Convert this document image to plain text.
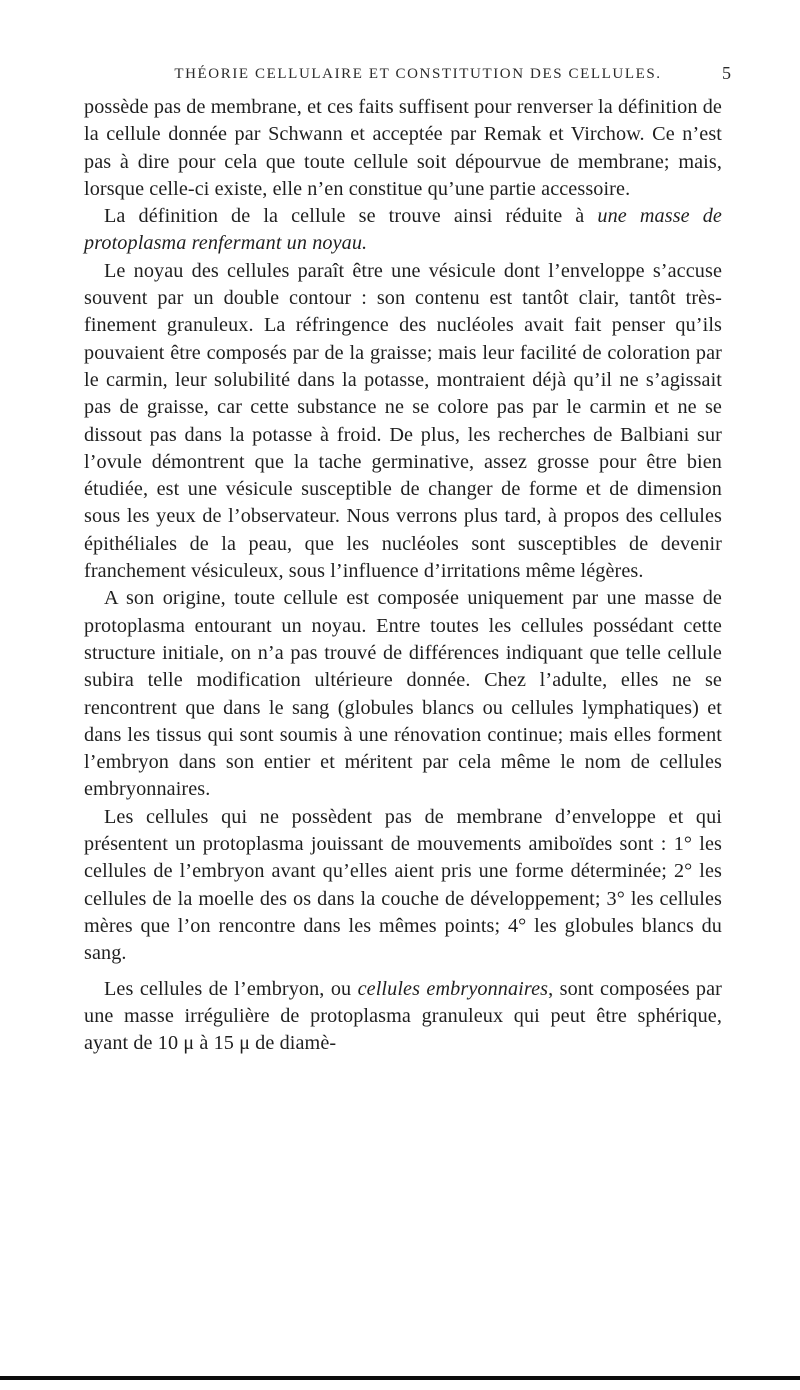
THÉORIE CELLULAIRE ET CONSTITUTION DES CELLULES.	5

possède pas de membrane, et ces faits suffisent pour renverser la définition de la cellule donnée par Schwann et acceptée par Remak et Virchow. Ce n’est pas à dire pour cela que toute cellule soit dépourvue de membrane; mais, lorsque celle-ci existe, elle n’en constitue qu’une partie accessoire.

La définition de la cellule se trouve ainsi réduite à une masse de protoplasma renfermant un noyau.

Le noyau des cellules paraît être une vésicule dont l’enveloppe s’accuse souvent par un double contour : son contenu est tantôt clair, tantôt très-finement granuleux. La réfringence des nucléoles avait fait penser qu’ils pouvaient être composés par de la graisse; mais leur facilité de coloration par le carmin, leur solubilité dans la potasse, montraient déjà qu’il ne s’agissait pas de graisse, car cette substance ne se colore pas par le carmin et ne se dissout pas dans la potasse à froid. De plus, les recherches de Balbiani sur l’ovule démontrent que la tache germinative, assez grosse pour être bien étudiée, est une vésicule susceptible de changer de forme et de dimension sous les yeux de l’observateur. Nous verrons plus tard, à propos des cellules épithéliales de la peau, que les nucléoles sont susceptibles de devenir franchement vésiculeux, sous l’influence d’irritations même légères.

A son origine, toute cellule est composée uniquement par une masse de protoplasma entourant un noyau. Entre toutes les cellules possédant cette structure initiale, on n’a pas trouvé de différences indiquant que telle cellule subira telle modification ultérieure donnée. Chez l’adulte, elles ne se rencontrent que dans le sang (globules blancs ou cellules lymphatiques) et dans les tissus qui sont soumis à une rénovation continue; mais elles forment l’embryon dans son entier et méritent par cela même le nom de cellules embryonnaires.

Les cellules qui ne possèdent pas de membrane d’enveloppe et qui présentent un protoplasma jouissant de mouvements amiboïdes sont : 1° les cellules de l’embryon avant qu’elles aient pris une forme déterminée; 2° les cellules de la moelle des os dans la couche de développement; 3° les cellules mères que l’on rencontre dans les mêmes points; 4° les globules blancs du sang.

Les cellules de l’embryon, ou cellules embryonnaires, sont composées par une masse irrégulière de protoplasma granuleux qui peut être sphérique, ayant de 10 μ à 15 μ de diamè-
